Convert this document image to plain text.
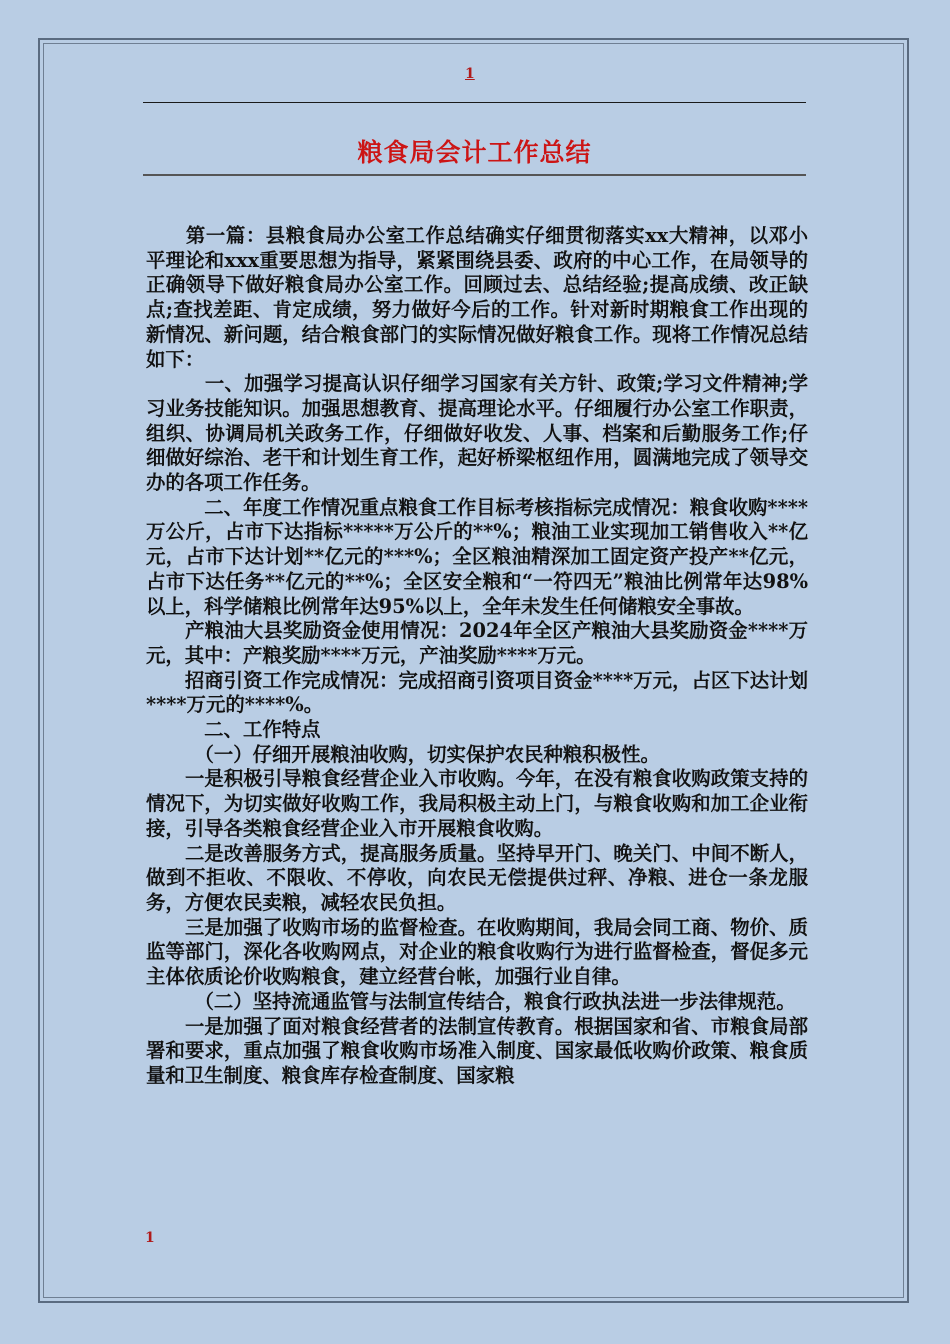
1
粮食局会计工作总结

　　第一篇：县粮食局办公室工作总结确实仔细贯彻落实xx大精神，以邓小平理论和xxx重要思想为指导，紧紧围绕县委、政府的中心工作，在局领导的正确领导下做好粮食局办公室工作。回顾过去、总结经验;提高成绩、改正缺点;查找差距、肯定成绩，努力做好今后的工作。针对新时期粮食工作出现的新情况、新问题，结合粮食部门的实际情况做好粮食工作。现将工作情况总结如下：

　　　一、加强学习提高认识仔细学习国家有关方针、政策;学习文件精神;学习业务技能知识。加强思想教育、提高理论水平。仔细履行办公室工作职责，组织、协调局机关政务工作，仔细做好收发、人事、档案和后勤服务工作;仔细做好综治、老干和计划生育工作，起好桥梁枢纽作用，圆满地完成了领导交办的各项工作任务。

　　　二、年度工作情况重点粮食工作目标考核指标完成情况：粮食收购****万公斤，占市下达指标*****万公斤的**%；粮油工业实现加工销售收入**亿元，占市下达计划**亿元的***%；全区粮油精深加工固定资产投产**亿元，占市下达任务**亿元的**%；全区安全粮和“一符四无”粮油比例常年达98%以上，科学储粮比例常年达95%以上，全年未发生任何储粮安全事故。

　　产粮油大县奖励资金使用情况：2024年全区产粮油大县奖励资金****万元，其中：产粮奖励****万元，产油奖励****万元。

　　招商引资工作完成情况：完成招商引资项目资金****万元，占区下达计划****万元的****%。

　　　二、工作特点

　　　（一）仔细开展粮油收购，切实保护农民种粮积极性。

　　一是积极引导粮食经营企业入市收购。今年，在没有粮食收购政策支持的情况下，为切实做好收购工作，我局积极主动上门，与粮食收购和加工企业衔接，引导各类粮食经营企业入市开展粮食收购。

　　二是改善服务方式，提高服务质量。坚持早开门、晚关门、中间不断人，做到不拒收、不限收、不停收，向农民无偿提供过秤、净粮、进仓一条龙服务，方便农民卖粮，减轻农民负担。

　　三是加强了收购市场的监督检查。在收购期间，我局会同工商、物价、质监等部门，深化各收购网点，对企业的粮食收购行为进行监督检查，督促多元主体依质论价收购粮食，建立经营台帐，加强行业自律。

　　　（二）坚持流通监管与法制宣传结合，粮食行政执法进一步法律规范。

　　一是加强了面对粮食经营者的法制宣传教育。根据国家和省、市粮食局部署和要求，重点加强了粮食收购市场准入制度、国家最低收购价政策、粮食质量和卫生制度、粮食库存检查制度、国家粮

1
